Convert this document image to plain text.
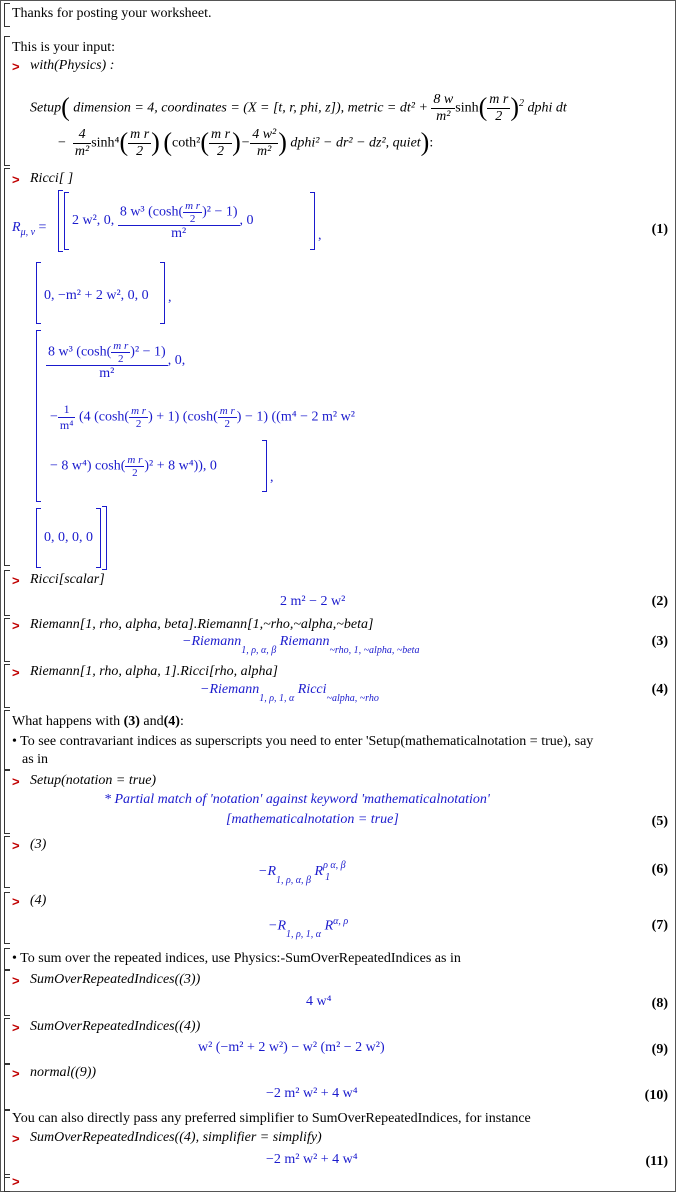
Thanks for posting your worksheet.
This is your input:
> with(Physics) :
Setup( dimension = 4, coordinates = (X = [t, r, phi, z]), metric = $dt^2 + \frac{8 w}{\text{m²}} \sinh( \frac{\text{m r}}{2} )^2$ dphi dt
− $\frac{4}{\text{m²}} \sinh^4( \frac{\text{m r}}{2}$ ) ($\cot h^2( \frac{\text{m r}}{2}$ )− $\frac{\text{4 w²}}{\text{m²}}$ ) dphi² − dr² − dz², quiet):
> Ricci[ ]
$R_{\mu, \nu} = 2$ w², 0, $\frac{8 w^3 (\cosh( \frac{\text{m r}}{2} )^2 - 1)}{\text{m²}}$ , 0
,	(1)
0, −m² + 2 w², 0, 0 ,
$\frac{8 w^3 (\cosh( \frac{\text{m r}}{2} )^2 - 1)}{\text{m²}}$ , 0,
− $\frac{1}{\text{m⁴}} (4$ ($\cosh( \frac{\text{m r}}{2}$ ) + 1) ($\cosh( \frac{\text{m r}}{2}$ ) − 1) ((m⁴ − 2 m² w²
− 8 w⁴) $\cosh( \frac{\text{m r}}{2} )^2 + 8$ w⁴)), 0
,
0, 0, 0, 0
> Ricci[scalar]
2 m² − 2 w²	(2)
> Riemann[1, rho, alpha, beta].Riemann[1,~rho,~alpha,~beta]
−Riemann$_{1, \rho, \alpha, \beta}$ Riemann$_{\sim rho, 1, \sim alpha, \sim beta}$
(3)
> Riemann[1, rho, alpha, 1].Ricci[rho, alpha]
−Riemann$_{1, \rho, 1, \alpha}$ Ricci$_{\sim alpha, \sim rho}$
(4)
What happens with (3) and(4):
• To see contravariant indices as superscripts you need to enter 'Setup(mathematicalnotation = true), say
as in
> Setup(notation = true)
* Partial match of 'notation' against keyword 'mathematicalnotation'
[mathematicalnotation = true]	(5)
> (3)
$-R_{1, \rho, \alpha, \beta}$ R ρ α, β
1
(6)
> (4)
$-R_{1, \rho, 1, \alpha}$ $R^{\alpha, \rho}$	(7)
• To sum over the repeated indices, use Physics:-SumOverRepeatedIndices as in
> SumOverRepeatedIndices((3))
4 w⁴	(8)
> SumOverRepeatedIndices((4))
w² (−m² + 2 w²) − w² (m² − 2 w²)	(9)
> normal((9))
−2 m² w² + 4 w⁴	(10)
You can also directly pass any preferred simplifier to SumOverRepeatedIndices, for instance
> SumOverRepeatedIndices((4), simplifier = simplify)
−2 m² w² + 4 w⁴	(11)
>
